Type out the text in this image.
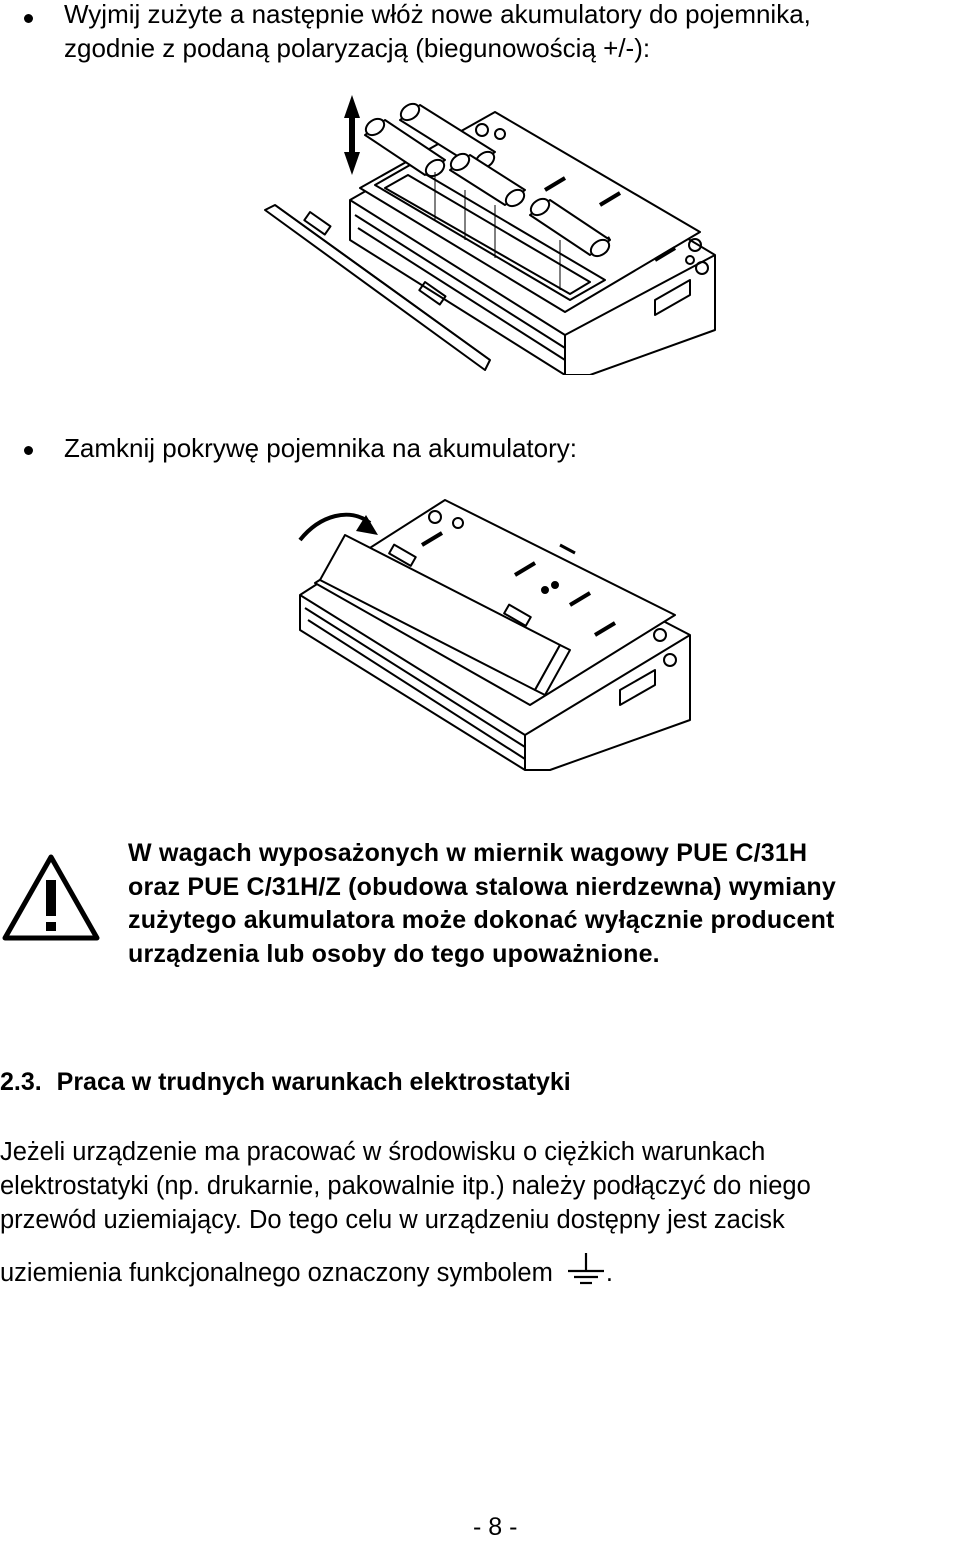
Wyjmij zużyte a następnie włóż nowe akumulatory do pojemnika,
zgodnie z podaną polaryzacją (biegunowością +/-):
Zamknij pokrywę pojemnika na akumulatory:
W wagach wyposażonych w miernik wagowy PUE C/31H
oraz PUE C/31H/Z (obudowa stalowa nierdzewna) wymiany
zużytego akumulatora może dokonać wyłącznie producent
urządzenia lub osoby do tego upoważnione.
2.3. Praca w trudnych warunkach elektrostatyki
Jeżeli urządzenie ma pracować w środowisku o ciężkich warunkach
elektrostatyki (np. drukarnie, pakowalnie itp.) należy podłączyć do niego
przewód uziemiający. Do tego celu w urządzeniu dostępny jest zacisk
uziemienia funkcjonalnego oznaczony symbolem .
- 8 -
